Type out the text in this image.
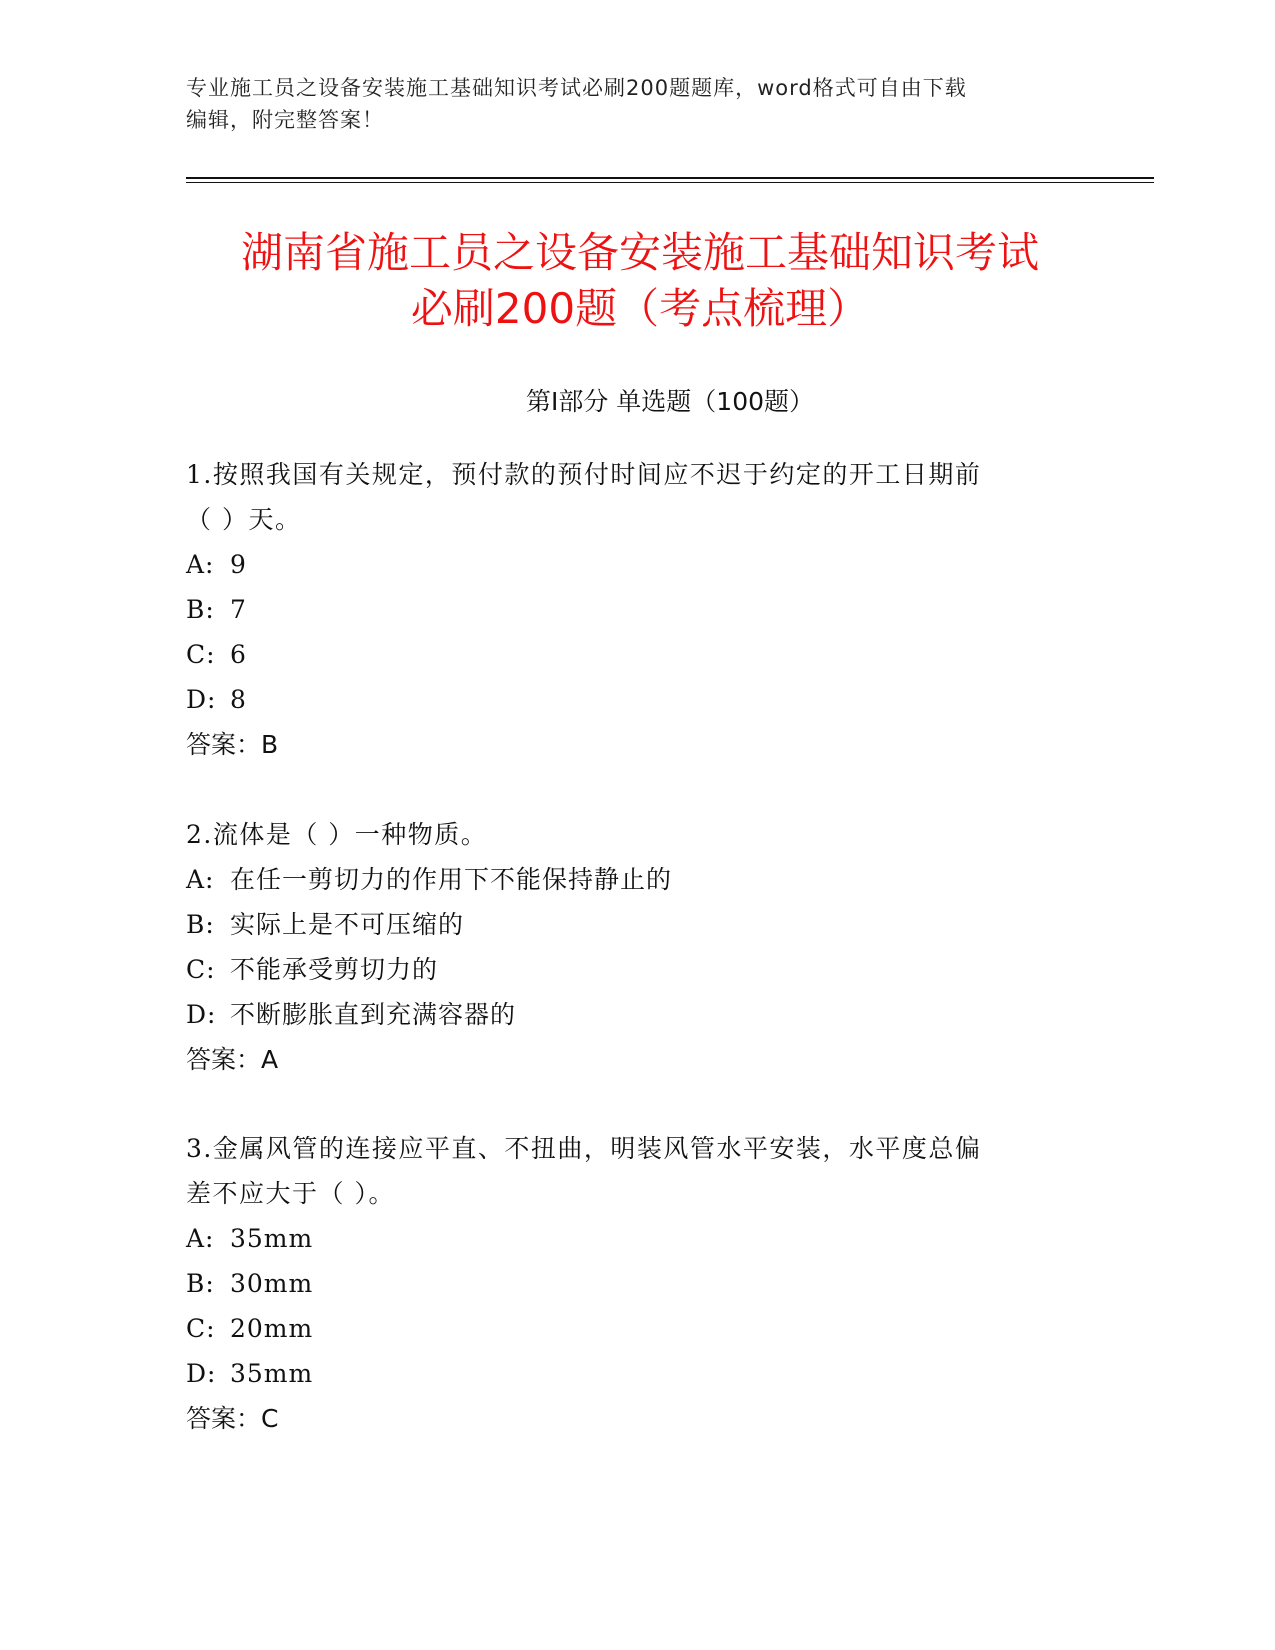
专业施工员之设备安装施工基础知识考试必刷200题题库，word格式可自由下载
编辑，附完整答案！
湖南省施工员之设备安装施工基础知识考试
必刷200题（考点梳理）
第Ⅰ部分 单选题（100题）

1.按照我国有关规定，预付款的预付时间应不迟于约定的开工日期前

（ ）天。

A: 9

B: 7

C: 6

D: 8

答案：B

2.流体是（ ）一种物质。

A: 在任一剪切力的作用下不能保持静止的

B: 实际上是不可压缩的

C: 不能承受剪切力的

D: 不断膨胀直到充满容器的

答案：A

3.金属风管的连接应平直、不扭曲，明装风管水平安装，水平度总偏

差不应大于（ ）。

A: 35mm

B: 30mm

C: 20mm

D: 35mm

答案：C
